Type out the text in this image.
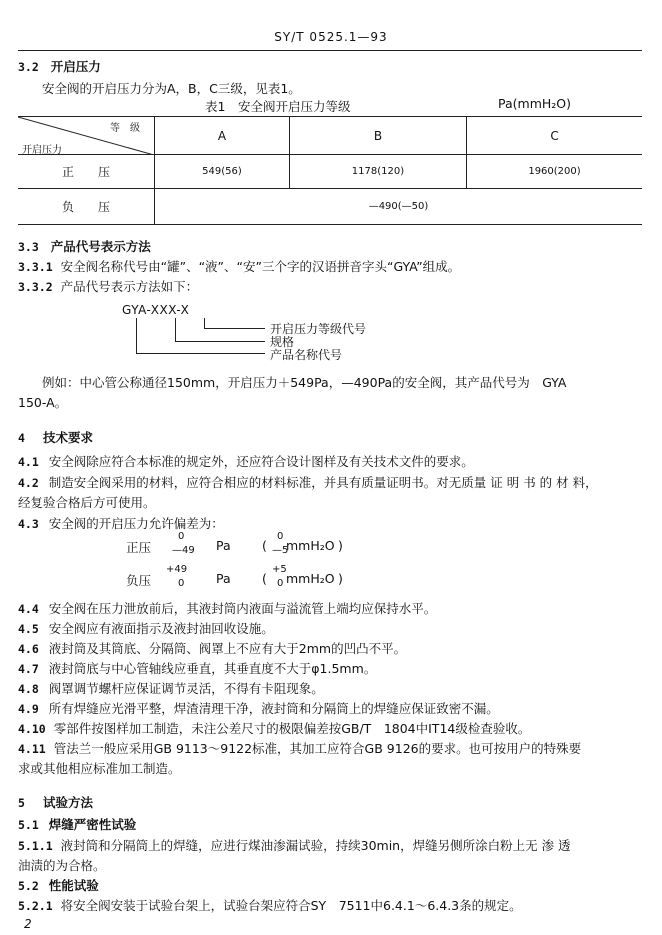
SY/T 0525.1—93
3.2 开启压力
安全阀的开启压力分为A，B，C三级，见表1。
表1　安全阀开启压力等级	Pa(mmH₂O)
等　级
开启压力	A	B	C
正　　压	549(56)	1178(120)	1960(200)
负　　压	—490(—50)		
3.3 产品代号表示方法
3.3.1 安全阀名称代号由“罐”、“液”、“安”三个字的汉语拼音字头“GYA”组成。
3.3.2 产品代号表示方法如下：
GYA-XXX-X
开启压力等级代号
规格
产品名称代号
例如：中心管公称通径150mm，开启压力＋549Pa，—490Pa的安全阀，其产品代号为　GYA
150-A。
4 技术要求
4.1 安全阀除应符合本标准的规定外，还应符合设计图样及有关技术文件的要求。
4.2 制造安全阀采用的材料，应符合相应的材料标准，并具有质量证明书。对无质量 证 明 书 的 材 料，
经复验合格后方可使用。
4.3 安全阀的开启压力允许偏差为：
正压
0
—49 Pa	(
0
—5
mmH₂O )
负压
+49
0	Pa	(
+5
0 mmH₂O )
4.4 安全阀在压力泄放前后，其液封筒内液面与溢流管上端均应保持水平。
4.5 安全阀应有液面指示及液封油回收设施。
4.6 液封筒及其筒底、分隔筒、阀罩上不应有大于2mm的凹凸不平。
4.7 液封筒底与中心管轴线应垂直，其垂直度不大于φ1.5mm。
4.8 阀罩调节螺杆应保证调节灵活，不得有卡阻现象。
4.9 所有焊缝应光滑平整，焊渣清理干净，液封筒和分隔筒上的焊缝应保证致密不漏。
4.10 零部件按图样加工制造，未注公差尺寸的极限偏差按GB/T　1804中IT14级检查验收。
4.11 管法兰一般应采用GB 9113～9122标准，其加工应符合GB 9126的要求。也可按用户的特殊要
求或其他相应标准加工制造。
5 试验方法
5.1 焊缝严密性试验
5.1.1 液封筒和分隔筒上的焊缝，应进行煤油渗漏试验，持续30min，焊缝另侧所涂白粉上无 渗 透
油渍的为合格。
5.2 性能试验
5.2.1 将安全阀安装于试验台架上，试验台架应符合SY　7511中6.4.1～6.4.3条的规定。
2
